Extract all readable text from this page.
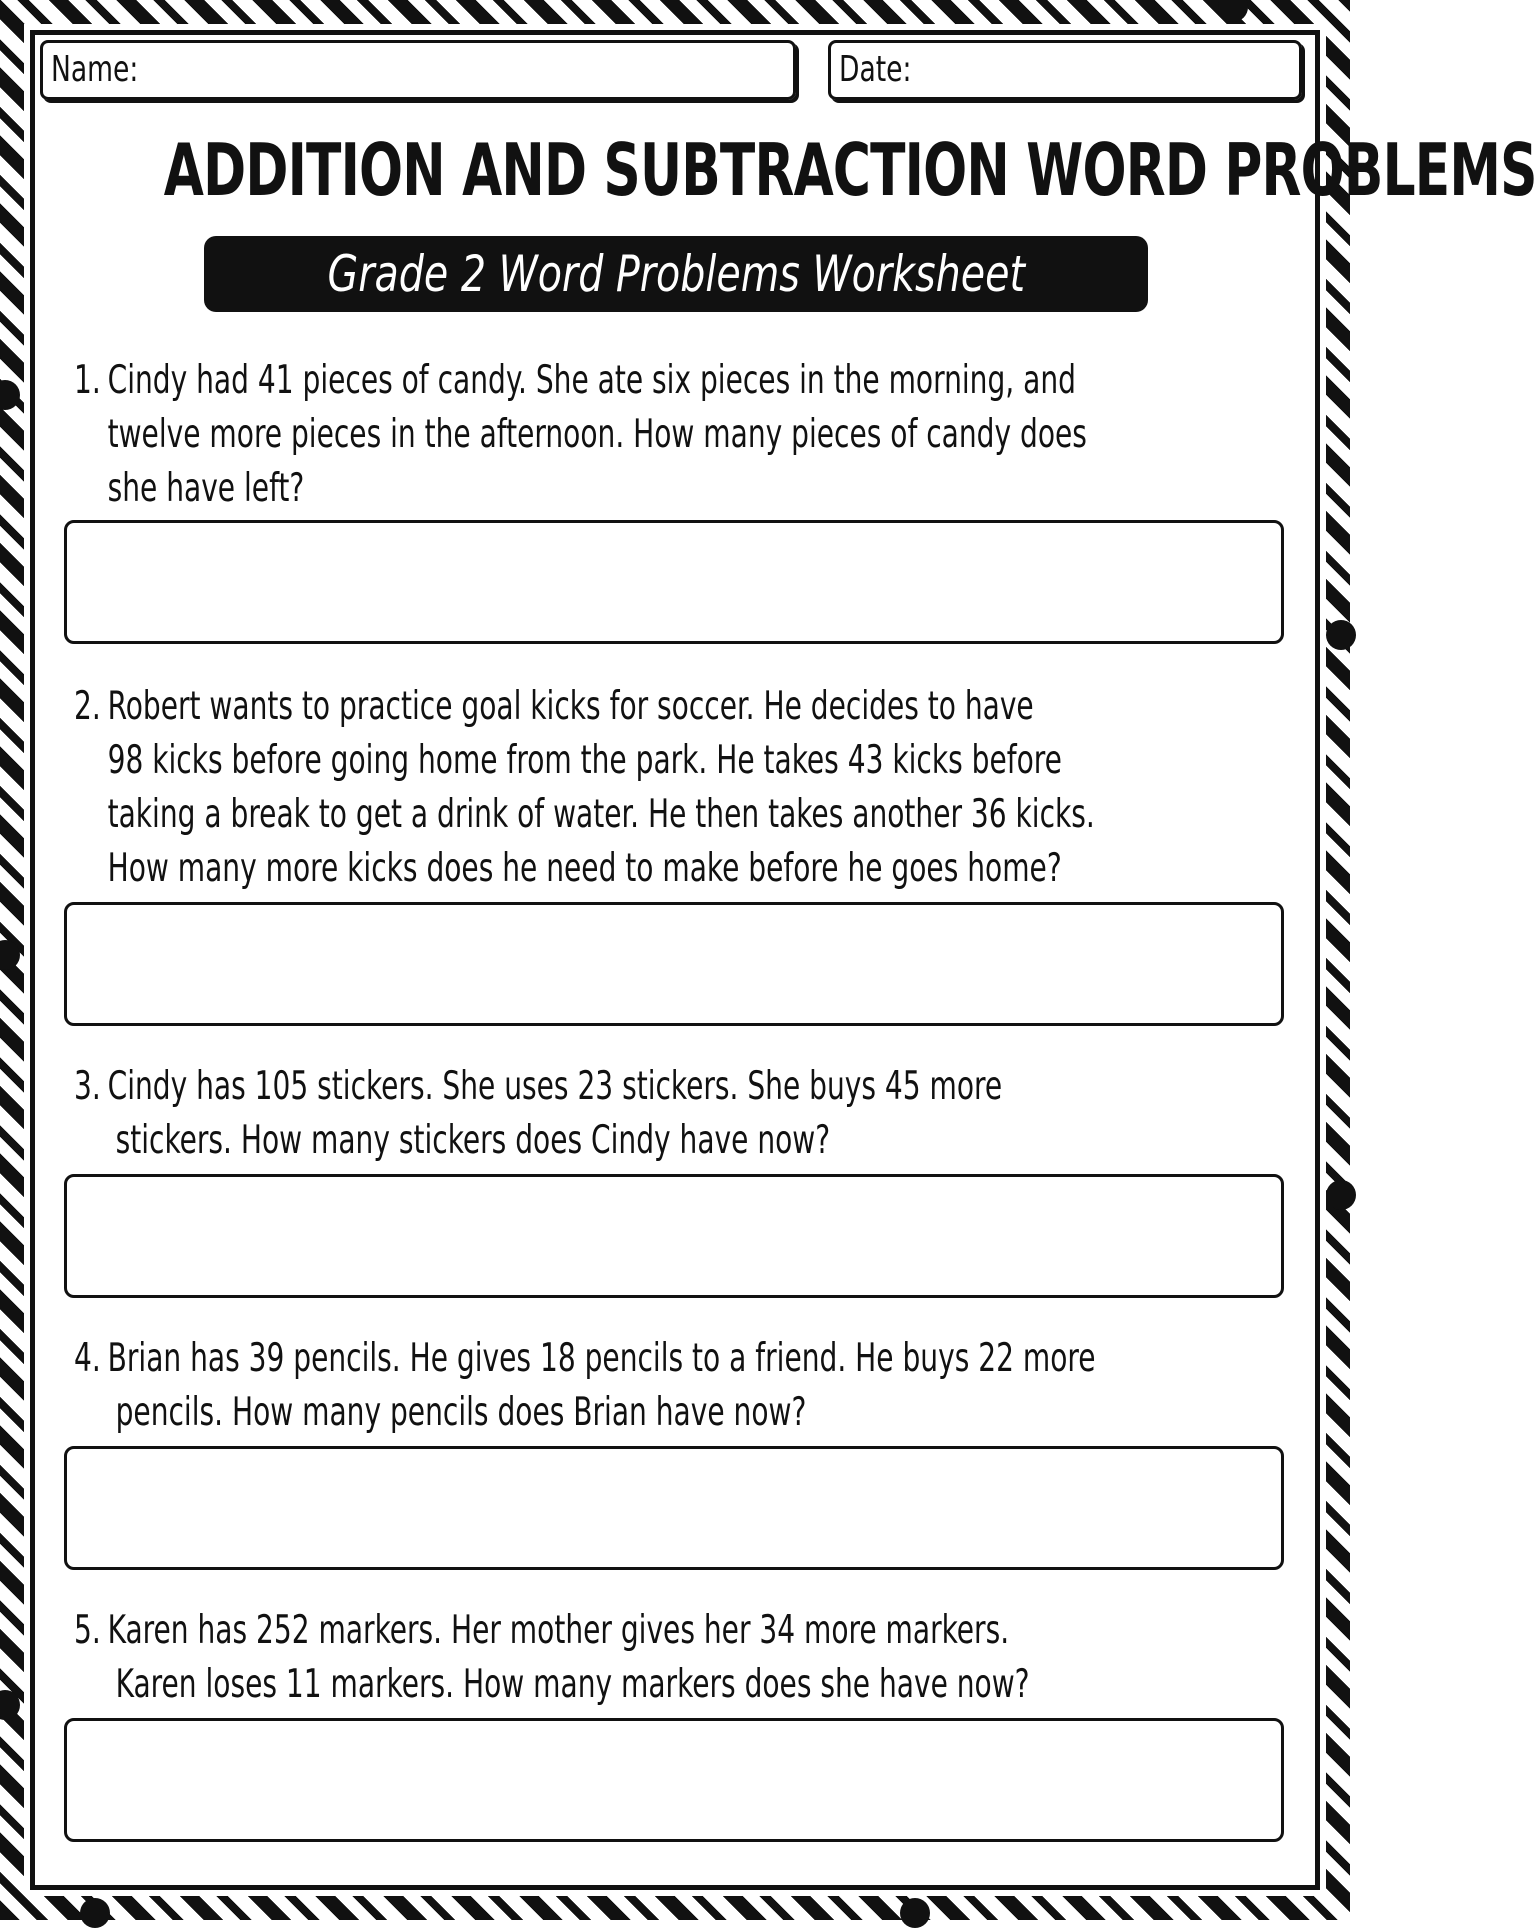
Name:	Date:
ADDITION AND SUBTRACTION WORD PROBLEMS
Grade 2 Word Problems Worksheet
1. Cindy had 41 pieces of candy. She ate six pieces in the morning, and
twelve more pieces in the afternoon. How many pieces of candy does
she have left?
2. Robert wants to practice goal kicks for soccer. He decides to have
98 kicks before going home from the park. He takes 43 kicks before
taking a break to get a drink of water. He then takes another 36 kicks.
How many more kicks does he need to make before he goes home?
3. Cindy has 105 stickers. She uses 23 stickers. She buys 45 more
stickers. How many stickers does Cindy have now?
4. Brian has 39 pencils. He gives 18 pencils to a friend. He buys 22 more
pencils. How many pencils does Brian have now?
5. Karen has 252 markers. Her mother gives her 34 more markers.
Karen loses 11 markers. How many markers does she have now?
